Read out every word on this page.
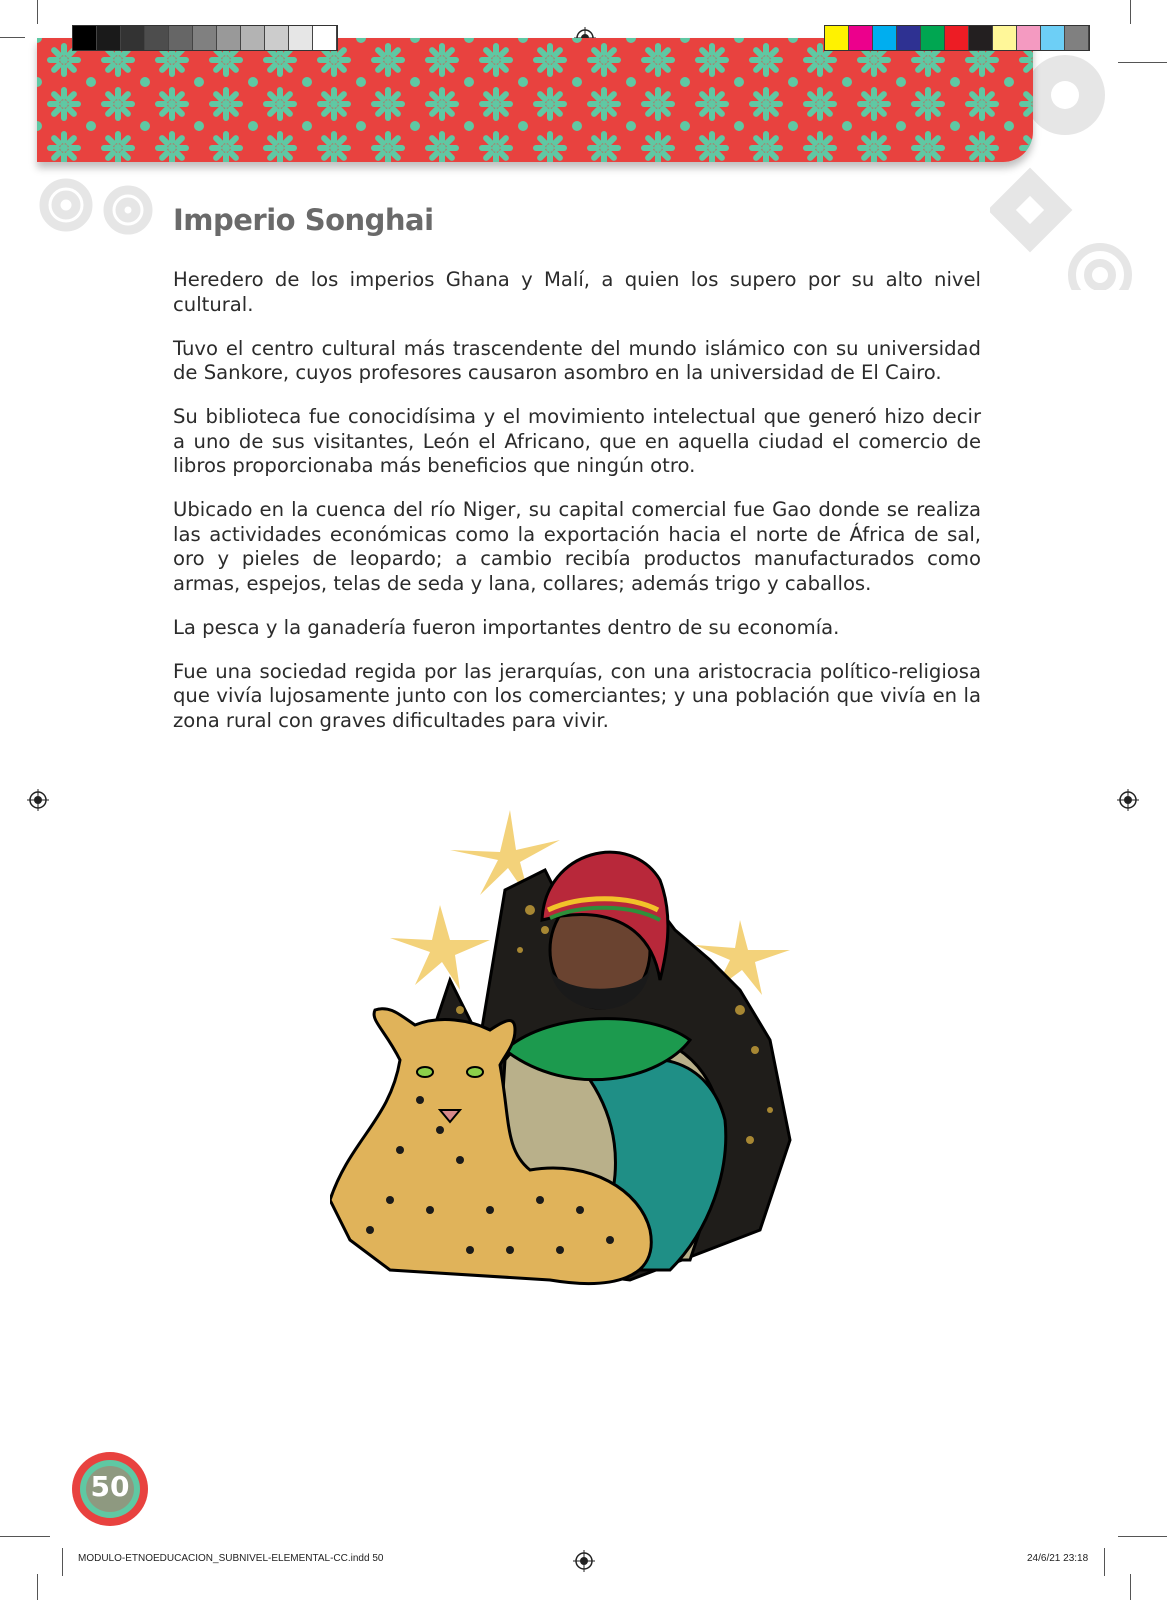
Imperio Songhai

Heredero de los imperios Ghana y Malí, a quien los supero por su alto nivel cultural.

Tuvo el centro cultural más trascendente del mundo islámico con su universidad de Sankore, cuyos profesores causaron asombro en la universidad de El Cairo.

Su biblioteca fue conocidísima y el movimiento intelectual que generó hizo decir a uno de sus visitantes, León el Africano, que en aquella ciudad el comercio de libros proporcionaba más beneficios que ningún otro.

Ubicado en la cuenca del río Niger, su capital comercial fue Gao donde se realiza las actividades económicas como la exportación hacia el norte de África de sal, oro y pieles de leopardo; a cambio recibía productos manufacturados como armas, espejos, telas de seda y lana, collares; además trigo y caballos.

La pesca y la ganadería fueron importantes dentro de su economía.

Fue una sociedad regida por las jerarquías, con una aristocracia político-religiosa que vivía lujosamente junto con los comerciantes; y una población que vivía en la zona rural con graves dificultades para vivir.

50
MODULO-ETNOEDUCACION_SUBNIVEL-ELEMENTAL-CC.indd 50	24/6/21 23:18
